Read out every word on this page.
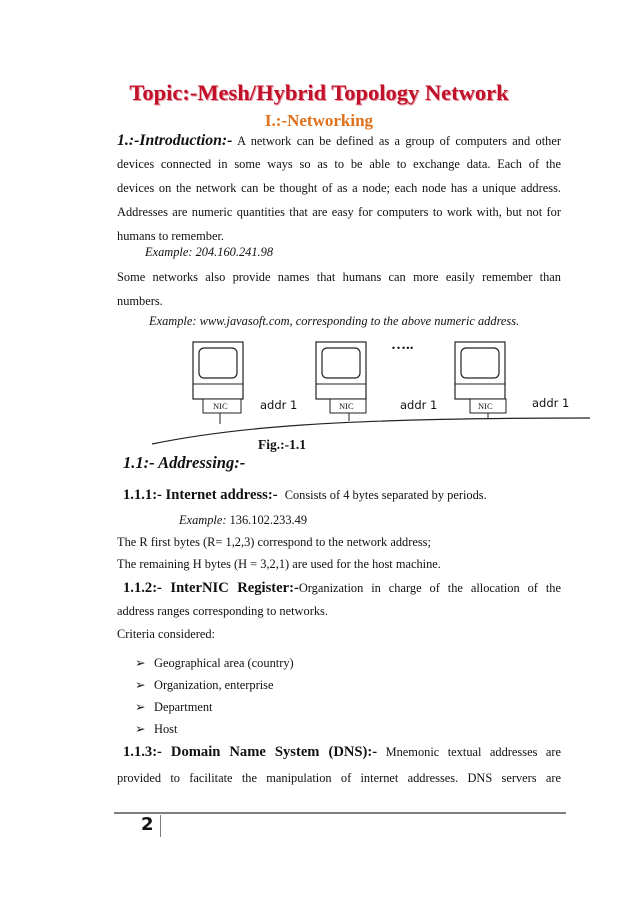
Topic:-Mesh/Hybrid Topology Network
I.:-Networking
1.:-Introduction:- A network can be defined as a group of computers and other
devices connected in some ways so as to be able to exchange data. Each of the
devices on the network can be thought of as a node; each node has a unique address.
Addresses are numeric quantities that are easy for computers to work with, but not for
humans to remember.
Example: 204.160.241.98
Some networks also provide names that humans can more easily remember than
numbers.
Example: www.javasoft.com, corresponding to the above numeric address.
…..
NIC	addr 1	NIC	addr 1	NIC	addr 1
Fig.:-1.1
1.1:- Addressing:-
1.1.1:- Internet address:- Consists of 4 bytes separated by periods.
Example: 136.102.233.49
The R first bytes (R= 1,2,3) correspond to the network address;
The remaining H bytes (H = 3,2,1) are used for the host machine.
1.1.2:- InterNIC Register:-Organization in charge of the allocation of the
address ranges corresponding to networks.
Criteria considered:
➢ Geographical area (country)
➢ Organization, enterprise
➢ Department
➢ Host
1.1.3:- Domain Name System (DNS):- Mnemonic textual addresses are
provided to facilitate the manipulation of internet addresses. DNS servers are
2
